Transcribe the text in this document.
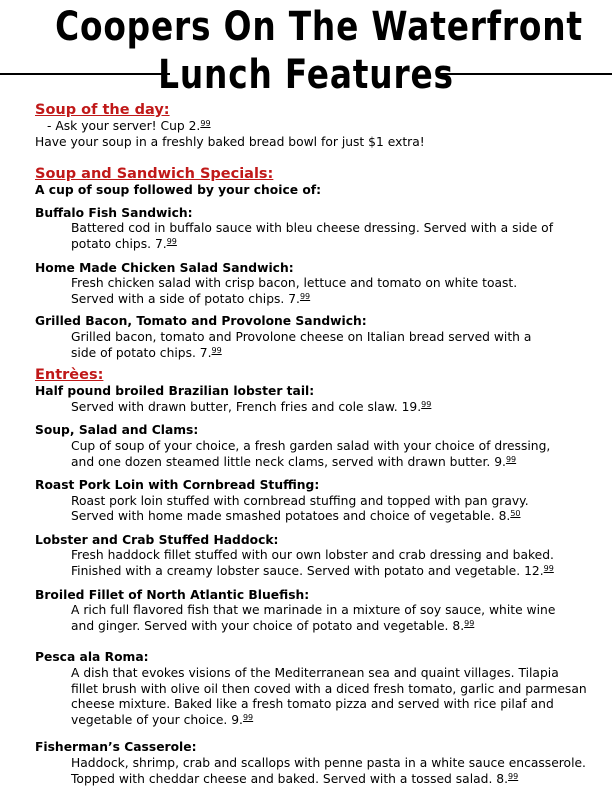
Coopers On The Waterfront
Lunch Features
Soup of the day:
- Ask your server! Cup 2.99
Have your soup in a freshly baked bread bowl for just $1 extra!
Soup and Sandwich Specials:
A cup of soup followed by your choice of:
Buffalo Fish Sandwich:
Battered cod in buffalo sauce with bleu cheese dressing. Served with a side of
potato chips. 7.99
Home Made Chicken Salad Sandwich:
Fresh chicken salad with crisp bacon, lettuce and tomato on white toast.
Served with a side of potato chips. 7.99
Grilled Bacon, Tomato and Provolone Sandwich:
Grilled bacon, tomato and Provolone cheese on Italian bread served with a
side of potato chips. 7.99
Entrèes:
Half pound broiled Brazilian lobster tail:
Served with drawn butter, French fries and cole slaw. 19.99
Soup, Salad and Clams:
Cup of soup of your choice, a fresh garden salad with your choice of dressing,
and one dozen steamed little neck clams, served with drawn butter. 9.99
Roast Pork Loin with Cornbread Stuffing:
Roast pork loin stuffed with cornbread stuffing and topped with pan gravy.
Served with home made smashed potatoes and choice of vegetable. 8.50
Lobster and Crab Stuffed Haddock:
Fresh haddock fillet stuffed with our own lobster and crab dressing and baked.
Finished with a creamy lobster sauce. Served with potato and vegetable. 12.99
Broiled Fillet of North Atlantic Bluefish:
A rich full flavored fish that we marinade in a mixture of soy sauce, white wine
and ginger. Served with your choice of potato and vegetable. 8.99
Pesca ala Roma:
A dish that evokes visions of the Mediterranean sea and quaint villages. Tilapia
fillet brush with olive oil then coved with a diced fresh tomato, garlic and parmesan
cheese mixture. Baked like a fresh tomato pizza and served with rice pilaf and
vegetable of your choice. 9.99
Fisherman’s Casserole:
Haddock, shrimp, crab and scallops with penne pasta in a white sauce encasserole.
Topped with cheddar cheese and baked. Served with a tossed salad. 8.99
